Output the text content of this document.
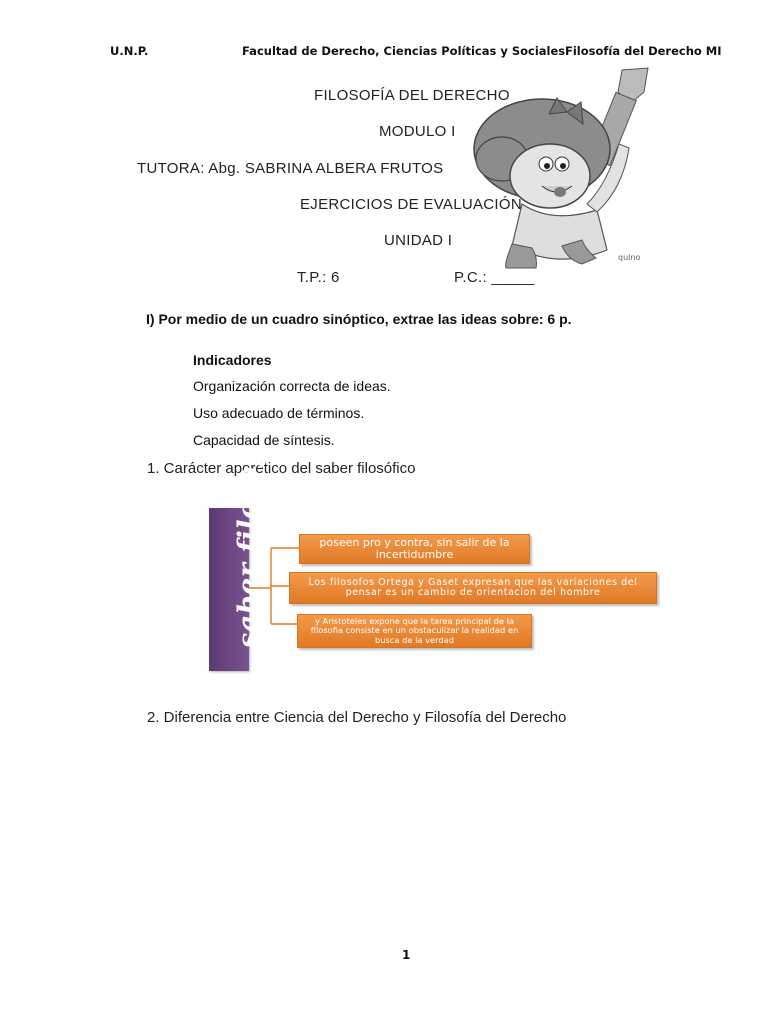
U.N.P.	Facultad de Derecho, Ciencias Políticas y Sociales Filosofía del Derecho MI
qulno
FILOSOFÍA DEL DERECHO
MODULO I
TUTORA: Abg. SABRINA ALBERA FRUTOS
EJERCICIOS DE EVALUACIÓN
UNIDAD I
T.P.: 6	P.C.: _____
I) Por medio de un cuadro sinóptico, extrae las ideas sobre: 6 p.
Indicadores
Organización correcta de ideas.
Uso adecuado de términos.
Capacidad de síntesis.
1. Carácter aporético del saber filosófico
saber filosofi	poseen pro y contra, sin salir de la incertidumbre
Los filosofos Ortega y Gaset expresan que las variaciones del pensar es un cambio de orientacion del hombre
y Aristoteles expone que la tarea principal de la filosofia consiste en un obstaculizar la realidad en busca de la verdad
2. Diferencia entre Ciencia del Derecho y Filosofía del Derecho
1
